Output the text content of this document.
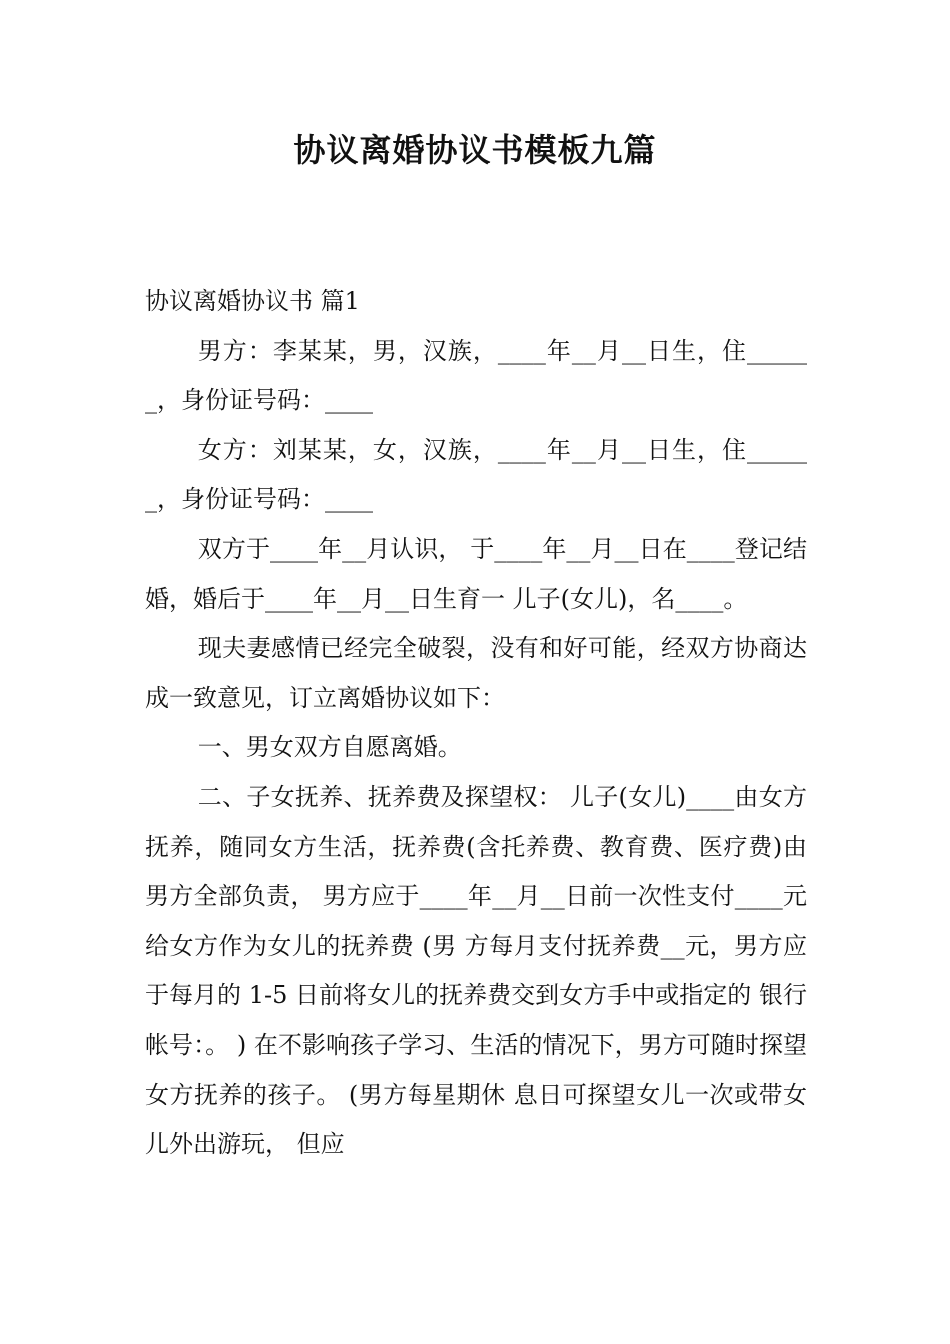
协议离婚协议书模板九篇
协议离婚协议书 篇1

男方：李某某，男，汉族，____年__月__日生，住______，身份证号码：____

女方：刘某某，女，汉族，____年__月__日生，住______，身份证号码：____

双方于____年__月认识， 于____年__月__日在____登记结婚，婚后于____年__月__日生育一 儿子(女儿)，名____。

现夫妻感情已经完全破裂，没有和好可能，经双方协商达成一致意见，订立离婚协议如下：

一、男女双方自愿离婚。

二、子女抚养、抚养费及探望权： 儿子(女儿)____由女方抚养，随同女方生活，抚养费(含托养费、教育费、医疗费)由 男方全部负责， 男方应于____年__月__日前一次性支付____元给女方作为女儿的抚养费 (男 方每月支付抚养费__元，男方应于每月的 1-5 日前将女儿的抚养费交到女方手中或指定的 银行帐号：。 ) 在不影响孩子学习、生活的情况下，男方可随时探望女方抚养的孩子。 (男方每星期休 息日可探望女儿一次或带女儿外出游玩， 但应
